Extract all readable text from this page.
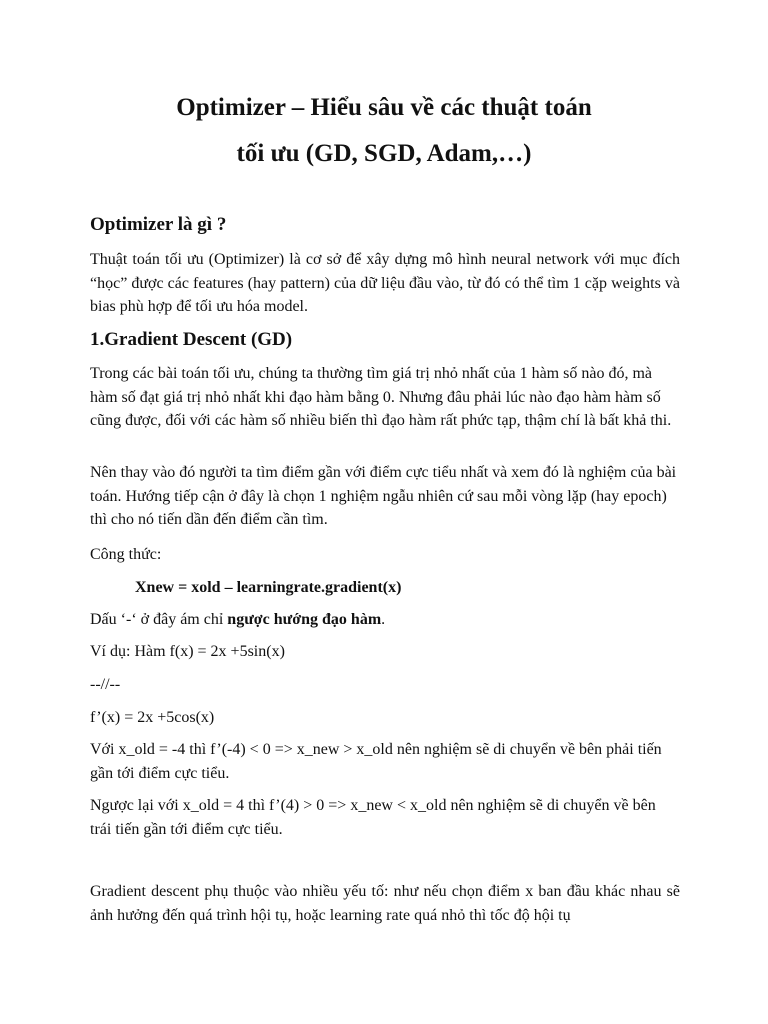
Optimizer – Hiểu sâu về các thuật toán
tối ưu (GD, SGD, Adam,…)
Optimizer là gì ?

Thuật toán tối ưu (Optimizer) là cơ sở để xây dựng mô hình neural network với mục đích “học” được các features (hay pattern) của dữ liệu đầu vào, từ đó có thể tìm 1 cặp weights và bias phù hợp để tối ưu hóa model.

1.Gradient Descent (GD)

Trong các bài toán tối ưu, chúng ta thường tìm giá trị nhỏ nhất của 1 hàm số nào đó, mà hàm số đạt giá trị nhỏ nhất khi đạo hàm bằng 0. Nhưng đâu phải lúc nào đạo hàm hàm số cũng được, đối với các hàm số nhiều biến thì đạo hàm rất phức tạp, thậm chí là bất khả thi.

Nên thay vào đó người ta tìm điểm gần với điểm cực tiểu nhất và xem đó là nghiệm của bài toán. Hướng tiếp cận ở đây là chọn 1 nghiệm ngẫu nhiên cứ sau mỗi vòng lặp (hay epoch) thì cho nó tiến dần đến điểm cần tìm.

Công thức:

Xnew = xold – learningrate.gradient(x)

Dấu ‘-‘ ở đây ám chỉ ngược hướng đạo hàm.

Ví dụ: Hàm f(x) = 2x +5sin(x)

--//--

f’(x) = 2x +5cos(x)

Với x_old = -4 thì f’(-4) < 0 => x_new > x_old nên nghiệm sẽ di chuyển về bên phải tiến gần tới điểm cực tiểu.

Ngược lại với x_old = 4 thì f’(4) > 0 => x_new < x_old nên nghiệm sẽ di chuyển về bên trái tiến gần tới điểm cực tiểu.

Gradient descent phụ thuộc vào nhiều yếu tố: như nếu chọn điểm x ban đầu khác nhau sẽ ảnh hưởng đến quá trình hội tụ, hoặc learning rate quá nhỏ thì tốc độ hội tụ
